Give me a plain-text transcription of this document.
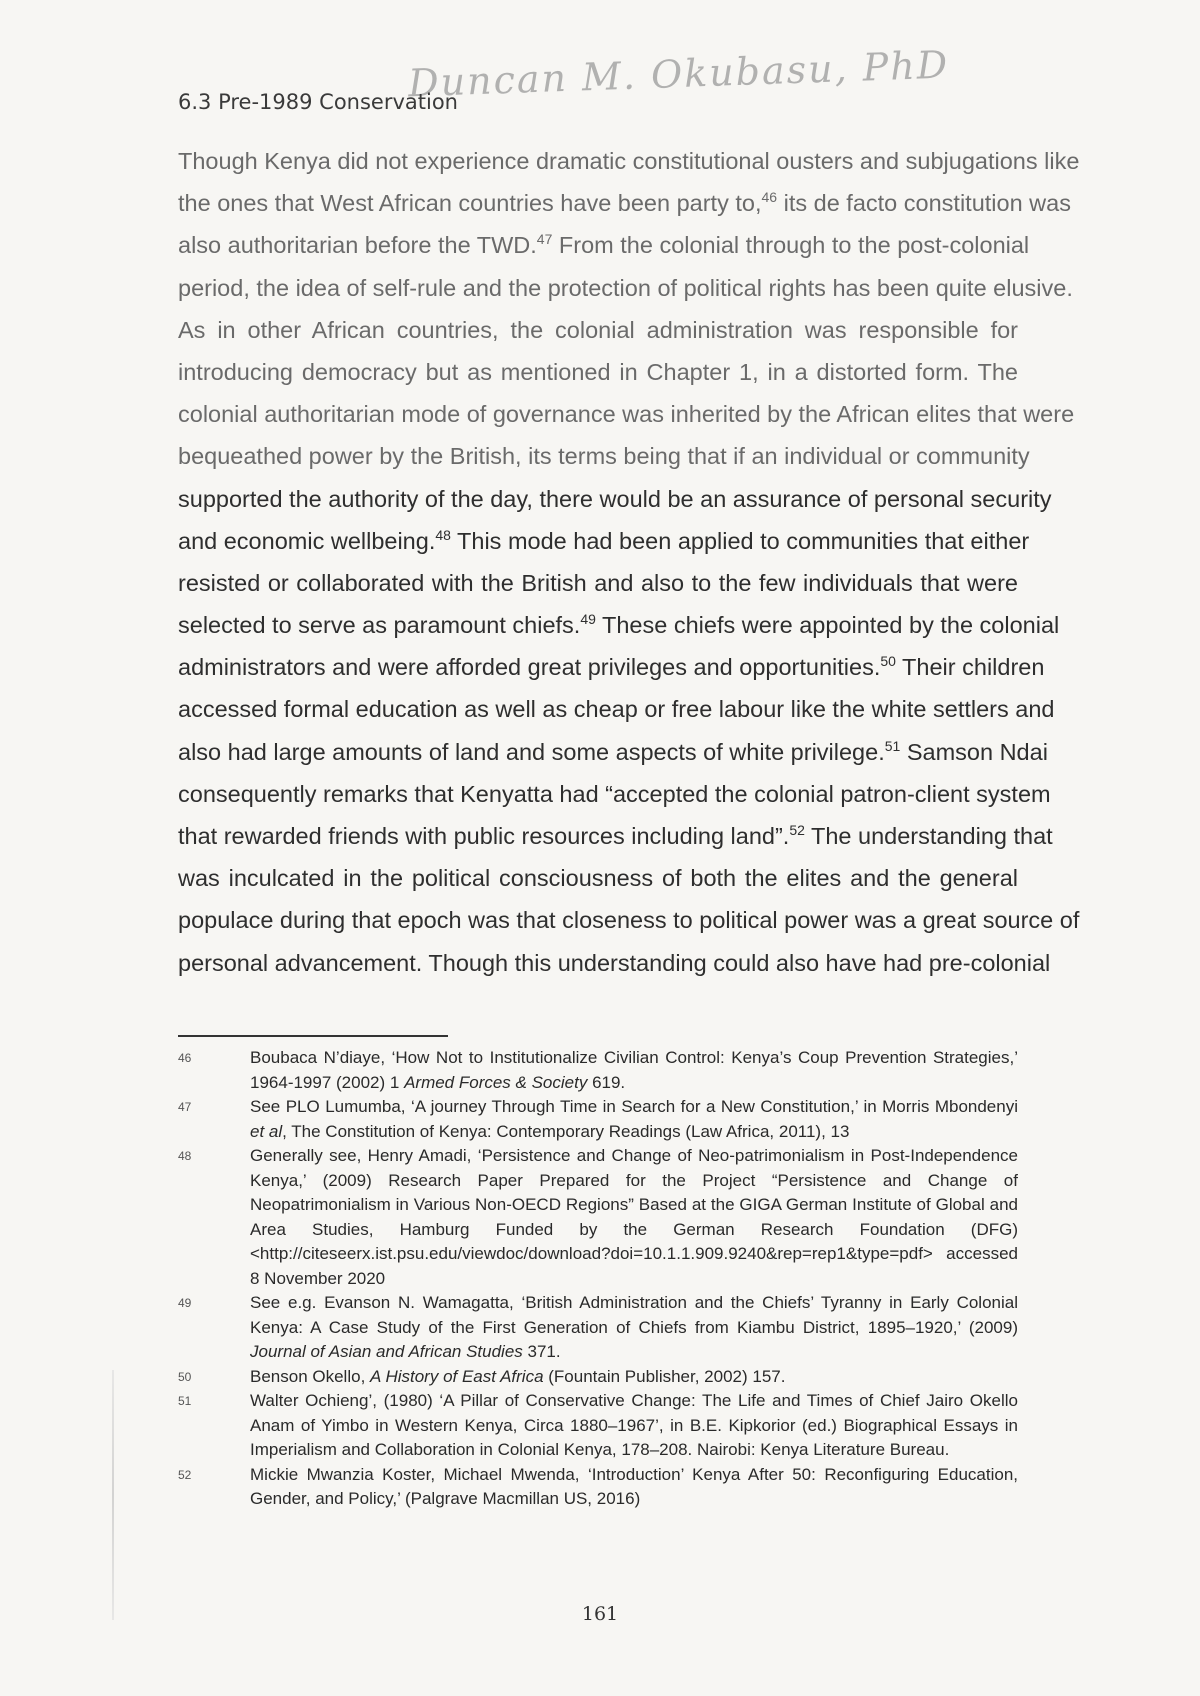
Duncan M. Okubasu, PhD
6.3 Pre-1989 Conservation
Though Kenya did not experience dramatic constitutional ousters and subjugations like
the ones that West African countries have been party to,$^{46}$ its de facto constitution was
also authoritarian before the TWD.$^{47}$ From the colonial through to the post-colonial
period, the idea of self-rule and the protection of political rights has been quite elusive.
As in other African countries, the colonial administration was responsible for
introducing democracy but as mentioned in Chapter 1, in a distorted form. The
colonial authoritarian mode of governance was inherited by the African elites that were
bequeathed power by the British, its terms being that if an individual or community
supported the authority of the day, there would be an assurance of personal security
and economic wellbeing.$^{48}$ This mode had been applied to communities that either
resisted or collaborated with the British and also to the few individuals that were
selected to serve as paramount chiefs.$^{49}$ These chiefs were appointed by the colonial
administrators and were afforded great privileges and opportunities.$^{50}$ Their children
accessed formal education as well as cheap or free labour like the white settlers and
also had large amounts of land and some aspects of white privilege.$^{51}$ Samson Ndai
consequently remarks that Kenyatta had “accepted the colonial patron-client system
that rewarded friends with public resources including land”.$^{52}$ The understanding that
was inculcated in the political consciousness of both the elites and the general
populace during that epoch was that closeness to political power was a great source of
personal advancement. Though this understanding could also have had pre-colonial
46	Boubaca N’diaye, ‘How Not to Institutionalize Civilian Control: Kenya’s Coup Prevention Strategies,’ 1964-1997 (2002) 1 Armed Forces & Society 619.
47	See PLO Lumumba, ‘A journey Through Time in Search for a New Constitution,’ in Morris Mbondenyi et al, The Constitution of Kenya: Contemporary Readings (Law Africa, 2011), 13
48	Generally see, Henry Amadi, ‘Persistence and Change of Neo-patrimonialism in Post-Independence Kenya,’ (2009) Research Paper Prepared for the Project “Persistence and Change of Neopatrimonialism in Various Non-OECD Regions” Based at the GIGA German Institute of Global and Area Studies, Hamburg Funded by the German Research Foundation (DFG) <http://citeseerx.ist.psu.edu/viewdoc/download?doi=10.1.1.909.9240&rep=rep1&type=pdf> accessed 8 November 2020
49	See e.g. Evanson N. Wamagatta, ‘British Administration and the Chiefs’ Tyranny in Early Colonial Kenya: A Case Study of the First Generation of Chiefs from Kiambu District, 1895–1920,’ (2009) Journal of Asian and African Studies 371.
50	Benson Okello, A History of East Africa (Fountain Publisher, 2002) 157.
51	Walter Ochieng’, (1980) ‘A Pillar of Conservative Change: The Life and Times of Chief Jairo Okello Anam of Yimbo in Western Kenya, Circa 1880–1967’, in B.E. Kipkorior (ed.) Biographical Essays in Imperialism and Collaboration in Colonial Kenya, 178–208. Nairobi: Kenya Literature Bureau.
52	Mickie Mwanzia Koster, Michael Mwenda, ‘Introduction’ Kenya After 50: Reconfiguring Education, Gender, and Policy,’ (Palgrave Macmillan US, 2016)
161
